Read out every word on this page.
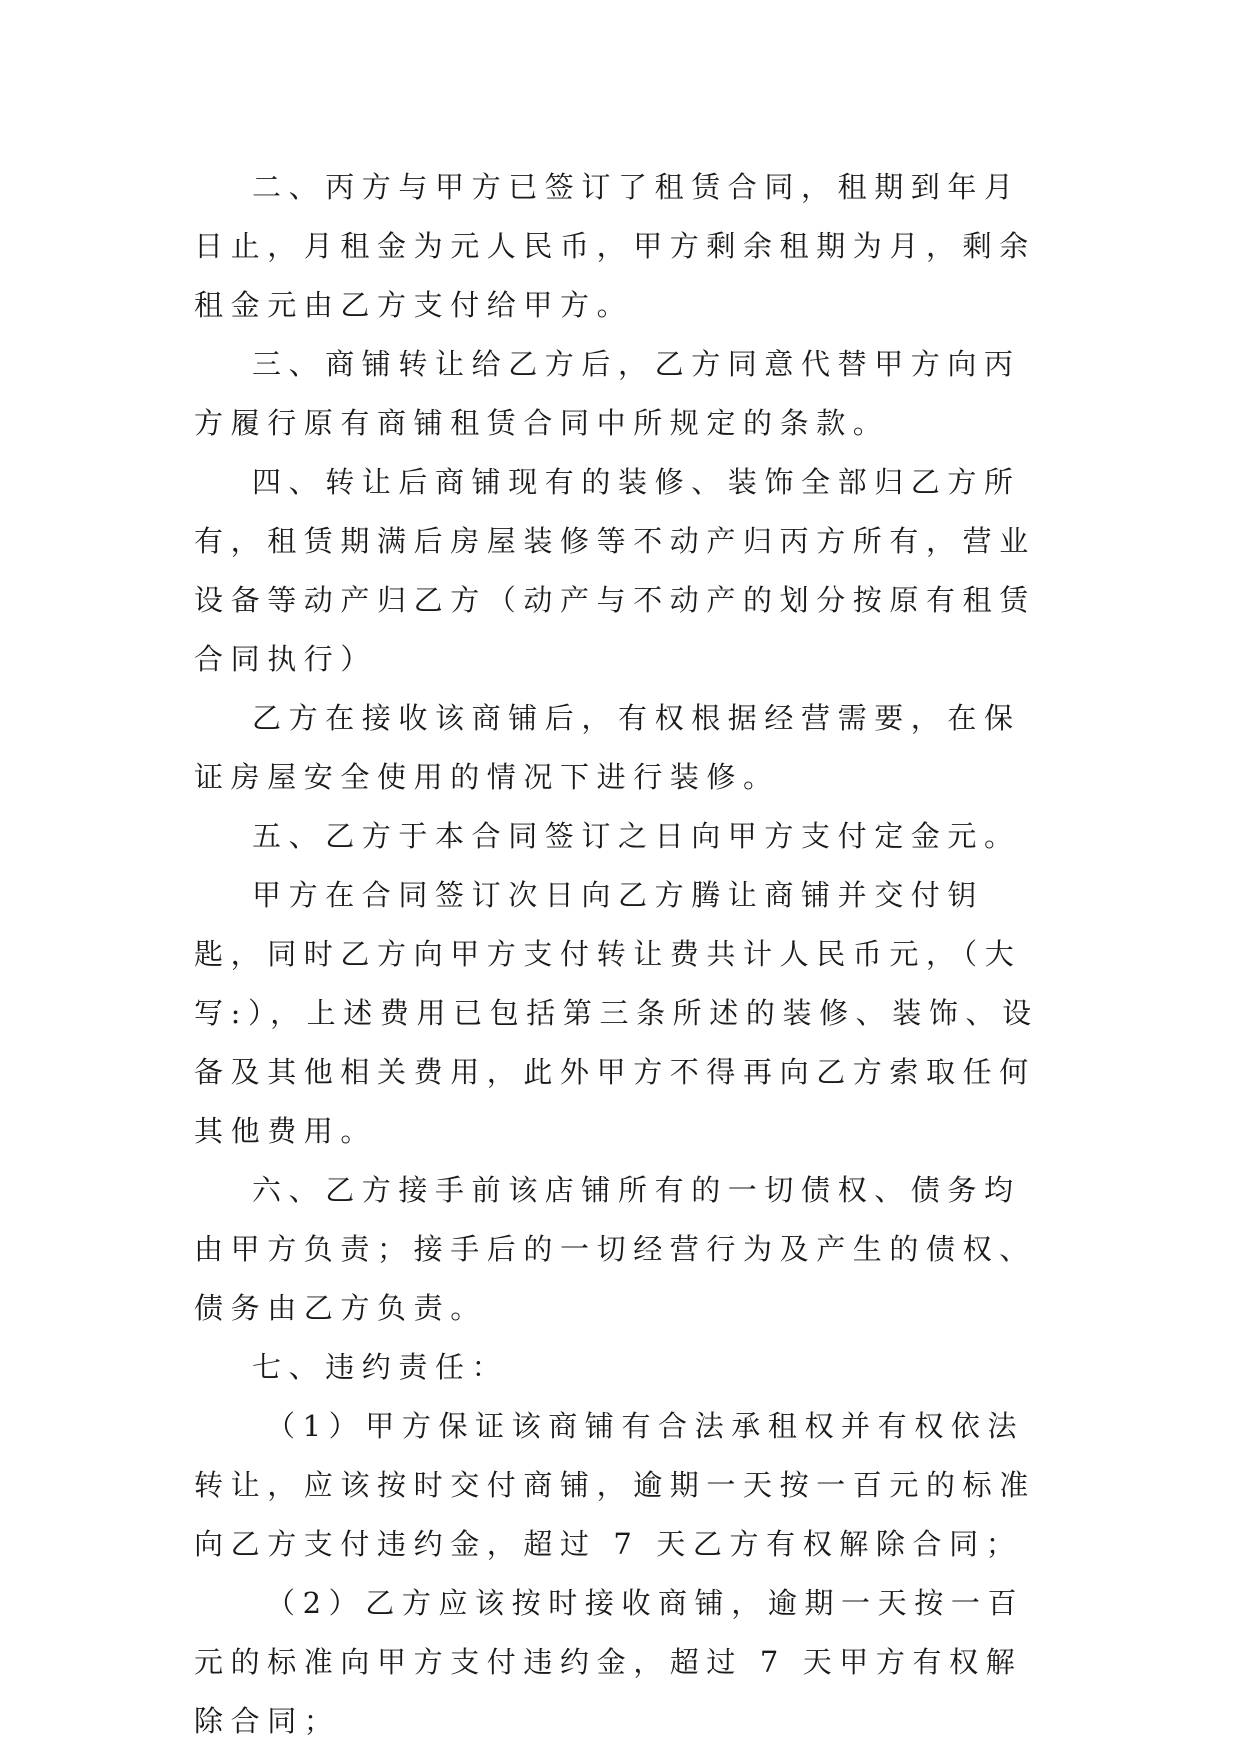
二、丙方与甲方已签订了租赁合同，租期到年月日止，月租金为元人民币，甲方剩余租期为月，剩余租金元由乙方支付给甲方。

三、商铺转让给乙方后，乙方同意代替甲方向丙方履行原有商铺租赁合同中所规定的条款。

四、转让后商铺现有的装修、装饰全部归乙方所有，租赁期满后房屋装修等不动产归丙方所有，营业设备等动产归乙方（动产与不动产的划分按原有租赁合同执行）

乙方在接收该商铺后，有权根据经营需要，在保证房屋安全使用的情况下进行装修。

五、乙方于本合同签订之日向甲方支付定金元。

甲方在合同签订次日向乙方腾让商铺并交付钥匙，同时乙方向甲方支付转让费共计人民币元，（大写:），上述费用已包括第三条所述的装修、装饰、设备及其他相关费用，此外甲方不得再向乙方索取任何其他费用。

六、乙方接手前该店铺所有的一切债权、债务均由甲方负责；接手后的一切经营行为及产生的债权、债务由乙方负责。

七、违约责任：

（1）甲方保证该商铺有合法承租权并有权依法转让，应该按时交付商铺，逾期一天按一百元的标准向乙方支付违约金，超过 7 天乙方有权解除合同；

（2）乙方应该按时接收商铺，逾期一天按一百元的标准向甲方支付违约金，超过 7 天甲方有权解除合同；
